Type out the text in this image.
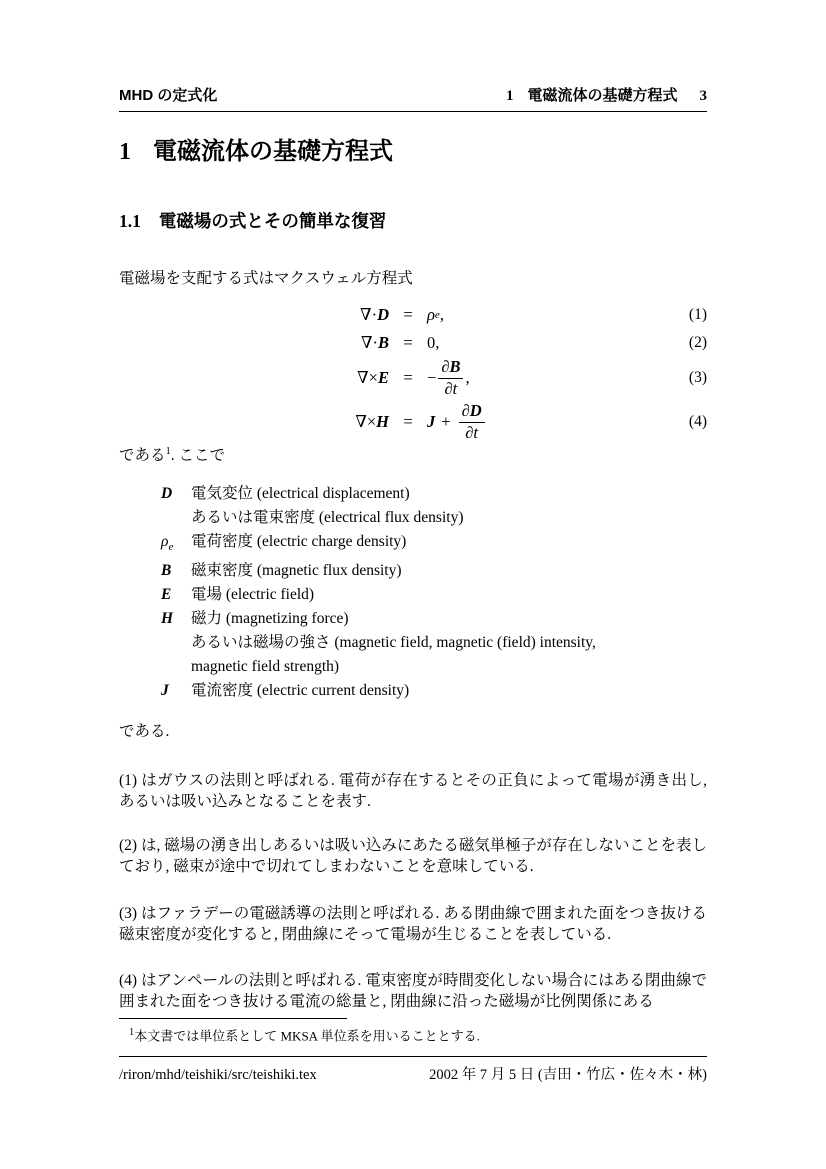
MHD の定式化	1 電磁流体の基礎方程式 3
1 電磁流体の基礎方程式
1.1 電磁場の式とその簡単な復習
電磁場を支配する式はマクスウェル方程式
∇·D = ρ e ,	(1)
∇·B = 0,	(2)
∇×E = − $\frac{\partial B}{\partial t}$ ,	(3)
$\nabla\times H = J + \frac{\partial D}{\partial t}$	(4)
である$^1$. ここで
D	電気変位 (electrical displacement)
あるいは電束密度 (electrical flux density)
$\rho_e$	電荷密度 (electric charge density)
B	磁束密度 (magnetic flux density)
E	電場 (electric field)
H	磁力 (magnetizing force)
あるいは磁場の強さ (magnetic field, magnetic (field) intensity,
magnetic field strength)
J	電流密度 (electric current density)
である.
(1) はガウスの法則と呼ばれる. 電荷が存在するとその正負によって電場が湧き出し, あるいは吸い込みとなることを表す.
(2) は, 磁場の湧き出しあるいは吸い込みにあたる磁気単極子が存在しないことを表しており, 磁束が途中で切れてしまわないことを意味している.
(3) はファラデーの電磁誘導の法則と呼ばれる. ある閉曲線で囲まれた面をつき抜ける磁束密度が変化すると, 閉曲線にそって電場が生じることを表している.
(4) はアンペールの法則と呼ばれる. 電束密度が時間変化しない場合にはある閉曲線で囲まれた面をつき抜ける電流の総量と, 閉曲線に沿った磁場が比例関係にある
$^1$本文書では単位系として MKSA 単位系を用いることとする.
/riron/mhd/teishiki/src/teishiki.tex	2002 年 7 月 5 日 (吉田・竹広・佐々木・林)
